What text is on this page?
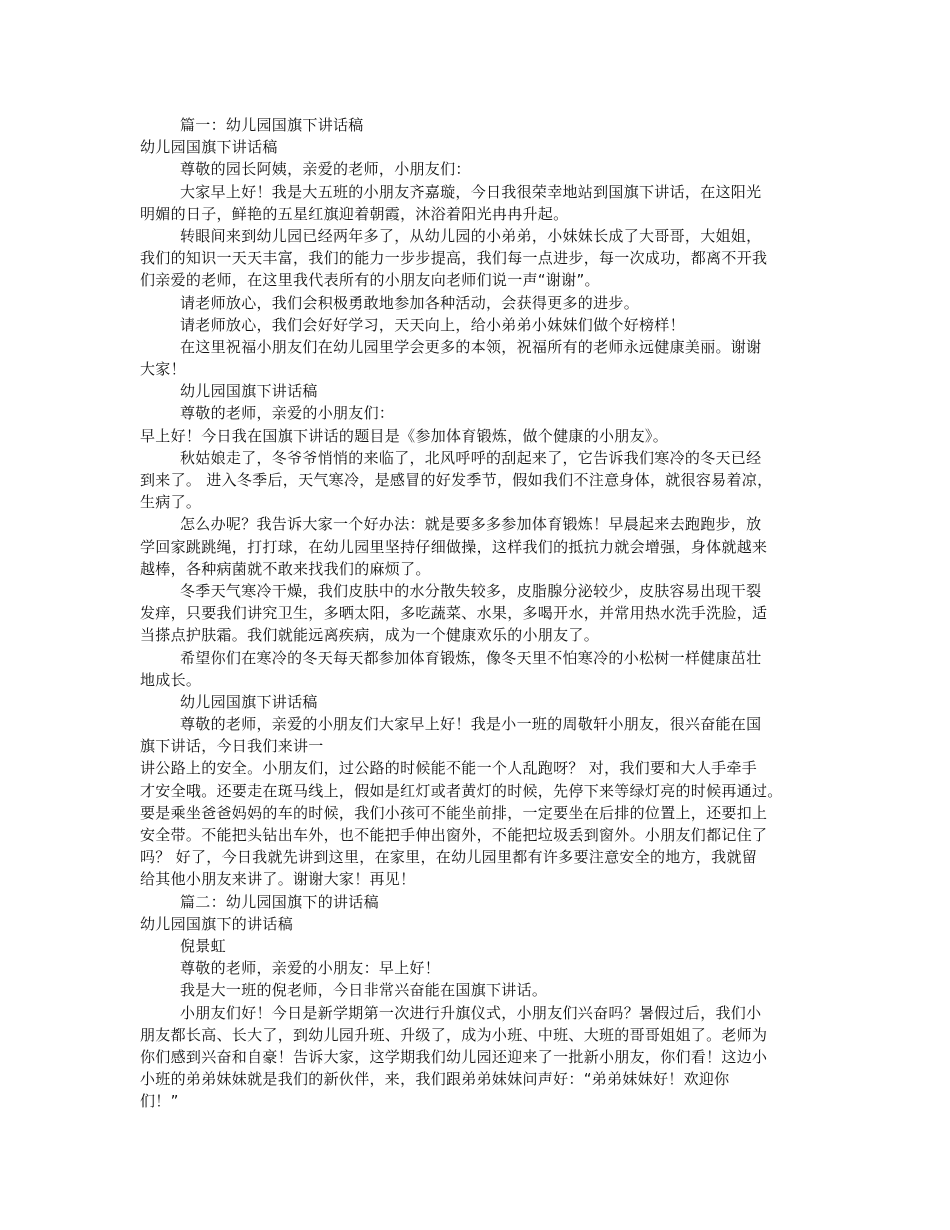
篇一：幼儿园国旗下讲话稿
幼儿园国旗下讲话稿
尊敬的园长阿姨，亲爱的老师，小朋友们：
大家早上好！我是大五班的小朋友齐嘉璇，今日我很荣幸地站到国旗下讲话，在这阳光
明媚的日子，鲜艳的五星红旗迎着朝霞，沐浴着阳光冉冉升起。
转眼间来到幼儿园已经两年多了，从幼儿园的小弟弟，小妹妹长成了大哥哥，大姐姐，
我们的知识一天天丰富，我们的能力一步步提高，我们每一点进步，每一次成功，都离不开我
们亲爱的老师，在这里我代表所有的小朋友向老师们说一声“谢谢”。
请老师放心，我们会积极勇敢地参加各种活动，会获得更多的进步。
请老师放心，我们会好好学习，天天向上，给小弟弟小妹妹们做个好榜样！
在这里祝福小朋友们在幼儿园里学会更多的本领，祝福所有的老师永远健康美丽。谢谢
大家！
幼儿园国旗下讲话稿
尊敬的老师，亲爱的小朋友们：
早上好！今日我在国旗下讲话的题目是《参加体育锻炼，做个健康的小朋友》。
秋姑娘走了，冬爷爷悄悄的来临了，北风呼呼的刮起来了，它告诉我们寒冷的冬天已经
到来了。 进入冬季后，天气寒冷，是感冒的好发季节，假如我们不注意身体，就很容易着凉，
生病了。
怎么办呢？我告诉大家一个好办法：就是要多多参加体育锻炼！早晨起来去跑跑步，放
学回家跳跳绳，打打球，在幼儿园里坚持仔细做操，这样我们的抵抗力就会增强，身体就越来
越棒，各种病菌就不敢来找我们的麻烦了。
冬季天气寒冷干燥，我们皮肤中的水分散失较多，皮脂腺分泌较少，皮肤容易出现干裂
发痒，只要我们讲究卫生，多晒太阳，多吃蔬菜、水果，多喝开水，并常用热水洗手洗脸，适
当搽点护肤霜。我们就能远离疾病，成为一个健康欢乐的小朋友了。
希望你们在寒冷的冬天每天都参加体育锻炼，像冬天里不怕寒冷的小松树一样健康茁壮
地成长。
幼儿园国旗下讲话稿
尊敬的老师，亲爱的小朋友们大家早上好！我是小一班的周敬轩小朋友，很兴奋能在国
旗下讲话，今日我们来讲一
讲公路上的安全。小朋友们，过公路的时候能不能一个人乱跑呀？ 对，我们要和大人手牵手
才安全哦。还要走在斑马线上，假如是红灯或者黄灯的时候，先停下来等绿灯亮的时候再通过。
要是乘坐爸爸妈妈的车的时候，我们小孩可不能坐前排，一定要坐在后排的位置上，还要扣上
安全带。不能把头钻出车外，也不能把手伸出窗外，不能把垃圾丢到窗外。小朋友们都记住了
吗？ 好了，今日我就先讲到这里，在家里，在幼儿园里都有许多要注意安全的地方，我就留
给其他小朋友来讲了。谢谢大家！再见！
篇二：幼儿园国旗下的讲话稿
幼儿园国旗下的讲话稿
倪景虹
尊敬的老师，亲爱的小朋友：早上好！
我是大一班的倪老师，今日非常兴奋能在国旗下讲话。
小朋友们好！今日是新学期第一次进行升旗仪式，小朋友们兴奋吗？暑假过后，我们小
朋友都长高、长大了，到幼儿园升班、升级了，成为小班、中班、大班的哥哥姐姐了。老师为
你们感到兴奋和自豪！告诉大家，这学期我们幼儿园还迎来了一批新小朋友，你们看！这边小
小班的弟弟妹妹就是我们的新伙伴，来，我们跟弟弟妹妹问声好：“弟弟妹妹好！欢迎你
们！”
